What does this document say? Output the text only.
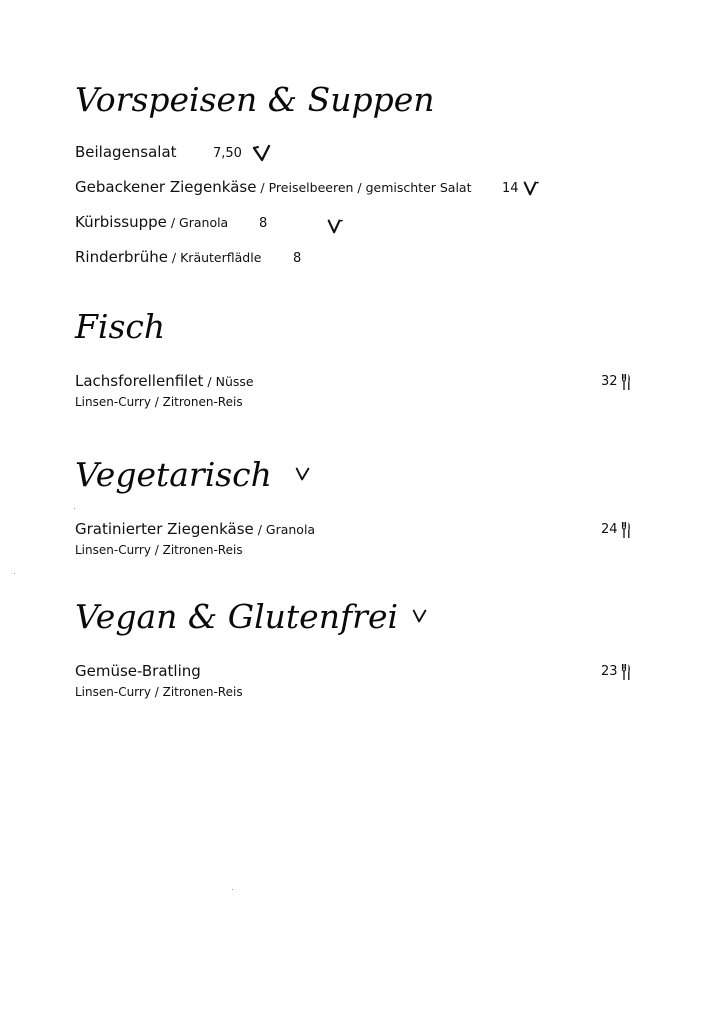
Vorspeisen & Suppen
Beilagensalat	7,50
Gebackener Ziegenkäse / Preiselbeeren / gemischter Salat 14
Kürbissuppe / Granola 8
Rinderbrühe / Kräuterflädle 8
Fisch
Lachsforellenfilet / Nüsse
Linsen-Curry / Zitronen-Reis
32
Vegetarisch
Gratinierter Ziegenkäse / Granola
Linsen-Curry / Zitronen-Reis
24
Vegan & Glutenfrei
Gemüse-Bratling
Linsen-Curry / Zitronen-Reis
23
